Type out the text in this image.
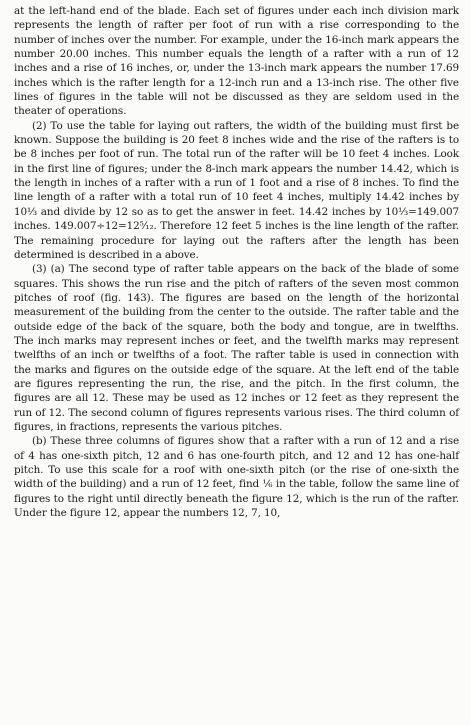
at the left-hand end of the blade. Each set of figures under each inch division mark represents the length of rafter per foot of run with a rise corresponding to the number of inches over the number. For example, under the 16-inch mark appears the number 20.00 inches. This number equals the length of a rafter with a run of 12 inches and a rise of 16 inches, or, under the 13-inch mark appears the number 17.69 inches which is the rafter length for a 12-inch run and a 13-inch rise. The other five lines of figures in the table will not be discussed as they are seldom used in the theater of operations.

(2) To use the table for laying out rafters, the width of the building must first be known. Suppose the building is 20 feet 8 inches wide and the rise of the rafters is to be 8 inches per foot of run. The total run of the rafter will be 10 feet 4 inches. Look in the first line of figures; under the 8-inch mark appears the number 14.42, which is the length in inches of a rafter with a run of 1 foot and a rise of 8 inches. To find the line length of a rafter with a total run of 10 feet 4 inches, multiply 14.42 inches by 10⅓ and divide by 12 so as to get the answer in feet. 14.42 inches by 10⅓=149.007 inches. 149.007÷12=12⁵⁄₁₂. Therefore 12 feet 5 inches is the line length of the rafter. The remaining procedure for laying out the rafters after the length has been determined is described in a above.

(3) (a) The second type of rafter table appears on the back of the blade of some squares. This shows the run rise and the pitch of rafters of the seven most common pitches of roof (fig. 143). The figures are based on the length of the horizontal measurement of the building from the center to the outside. The rafter table and the outside edge of the back of the square, both the body and tongue, are in twelfths. The inch marks may represent inches or feet, and the twelfth marks may represent twelfths of an inch or twelfths of a foot. The rafter table is used in connection with the marks and figures on the outside edge of the square. At the left end of the table are figures representing the run, the rise, and the pitch. In the first column, the figures are all 12. These may be used as 12 inches or 12 feet as they represent the run of 12. The second column of figures represents various rises. The third column of figures, in fractions, represents the various pitches.

(b) These three columns of figures show that a rafter with a run of 12 and a rise of 4 has one-sixth pitch, 12 and 6 has one-fourth pitch, and 12 and 12 has one-half pitch. To use this scale for a roof with one-sixth pitch (or the rise of one-sixth the width of the building) and a run of 12 feet, find ⅙ in the table, follow the same line of figures to the right until directly beneath the figure 12, which is the run of the rafter. Under the figure 12, appear the numbers 12, 7, 10,
